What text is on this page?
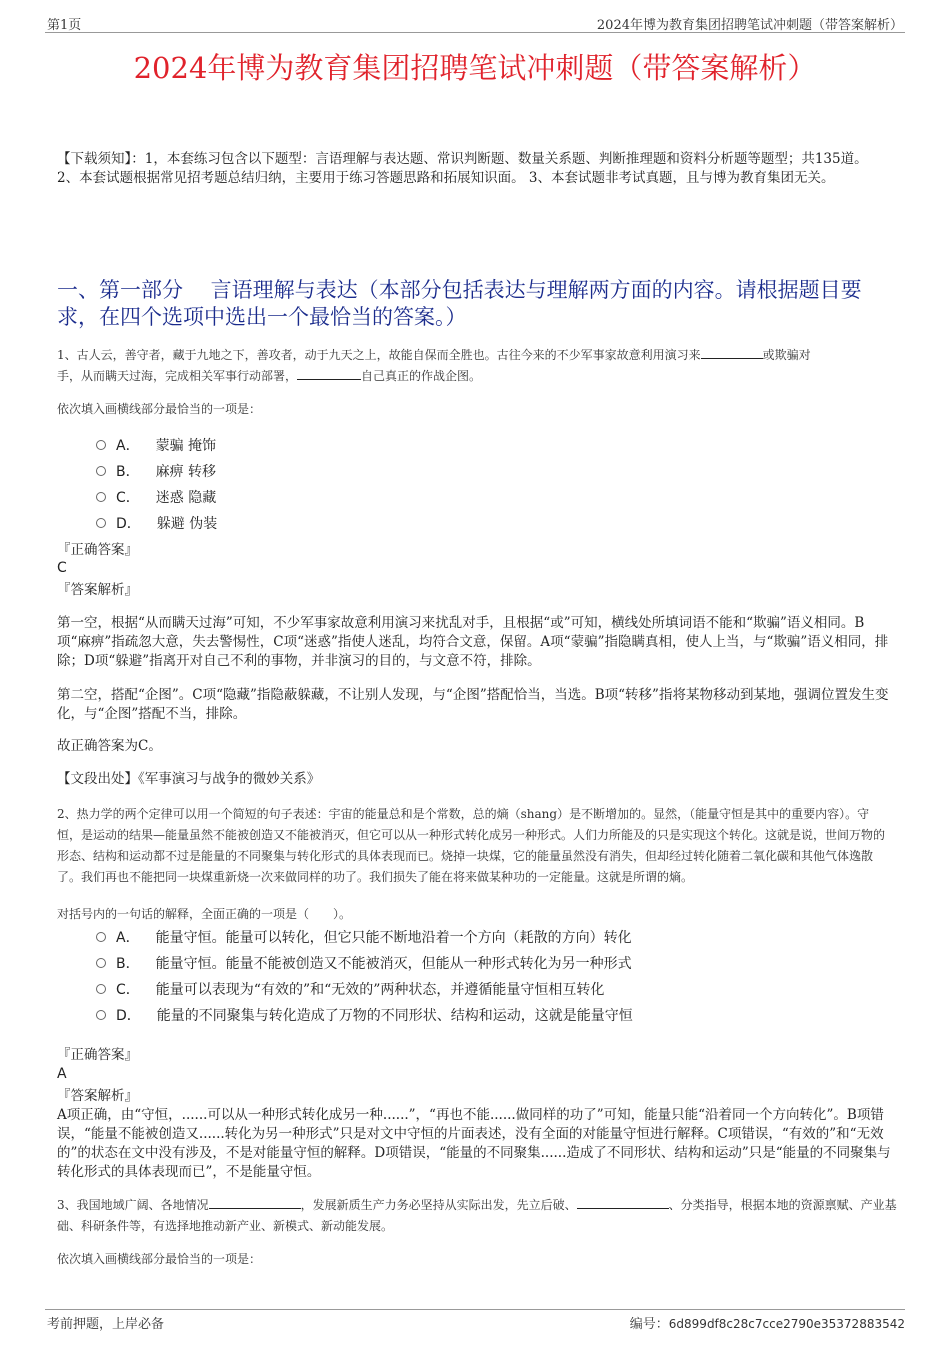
第1页	2024年博为教育集团招聘笔试冲刺题（带答案解析）
2024年博为教育集团招聘笔试冲刺题（带答案解析）
【下载须知】：1，本套练习包含以下题型：言语理解与表达题、常识判断题、数量关系题、判断推理题和资料分析题等题型；共135道。 2、本套试题根据常见招考题总结归纳，主要用于练习答题思路和拓展知识面。 3、本套试题非考试真题，且与博为教育集团无关。
一、第一部分　 言语理解与表达（本部分包括表达与理解两方面的内容。请根据题目要求，在四个选项中选出一个最恰当的答案。）
1、古人云，善守者，藏于九地之下，善攻者，动于九天之上，故能自保而全胜也。古往今来的不少军事家故意利用演习来	或欺骗对
手，从而瞒天过海，完成相关军事行动部署，	自己真正的作战企图。
依次填入画横线部分最恰当的一项是：
A． 蒙骗 掩饰
B． 麻痹 转移
C． 迷惑 隐藏
D． 躲避 伪装
『正确答案』
C
『答案解析』
第一空，根据“从而瞒天过海”可知，不少军事家故意利用演习来扰乱对手，且根据“或”可知，横线处所填词语不能和“欺骗”语义相同。B项“麻痹”指疏忽大意，失去警惕性，C项“迷惑”指使人迷乱，均符合文意，保留。A项“蒙骗”指隐瞒真相，使人上当，与“欺骗”语义相同，排除；D项“躲避”指离开对自己不利的事物，并非演习的目的，与文意不符，排除。
第二空，搭配“企图”。C项“隐藏”指隐蔽躲藏，不让别人发现，与“企图”搭配恰当，当选。B项“转移”指将某物移动到某地，强调位置发生变化，与“企图”搭配不当，排除。
故正确答案为C。
【文段出处】《军事演习与战争的微妙关系》
2、热力学的两个定律可以用一个简短的句子表述：宇宙的能量总和是个常数，总的熵（shang）是不断增加的。显然，（能量守恒是其中的重要内容）。守恒，是运动的结果—能量虽然不能被创造又不能被消灭，但它可以从一种形式转化成另一种形式。人们力所能及的只是实现这个转化。这就是说，世间万物的形态、结构和运动都不过是能量的不同聚集与转化形式的具体表现而已。烧掉一块煤，它的能量虽然没有消失，但却经过转化随着二氧化碳和其他气体逸散了。我们再也不能把同一块煤重新烧一次来做同样的功了。我们损失了能在将来做某种功的一定能量。这就是所谓的熵。
对括号内的一句话的解释，全面正确的一项是（　　）。
A． 能量守恒。能量可以转化，但它只能不断地沿着一个方向（耗散的方向）转化
B． 能量守恒。能量不能被创造又不能被消灭，但能从一种形式转化为另一种形式
C． 能量可以表现为“有效的”和“无效的”两种状态，并遵循能量守恒相互转化
D． 能量的不同聚集与转化造成了万物的不同形状、结构和运动，这就是能量守恒
『正确答案』
A
『答案解析』
A项正确，由“守恒，......可以从一种形式转化成另一种......”，“再也不能......做同样的功了”可知，能量只能“沿着同一个方向转化”。B项错误，“能量不能被创造又......转化为另一种形式”只是对文中守恒的片面表述，没有全面的对能量守恒进行解释。C项错误，“有效的”和“无效的”的状态在文中没有涉及，不是对能量守恒的解释。D项错误，“能量的不同聚集......造成了不同形状、结构和运动”只是“能量的不同聚集与转化形式的具体表现而已”，不是能量守恒。
3、我国地域广阔、各地情况	，发展新质生产力务必坚持从实际出发，先立后破、	、分类指导，根据本地的资源禀赋、产业基础、科研条件等，有选择地推动新产业、新模式、新动能发展。
依次填入画横线部分最恰当的一项是：
考前押题，上岸必备	编号：6d899df8c28c7cce2790e35372883542
